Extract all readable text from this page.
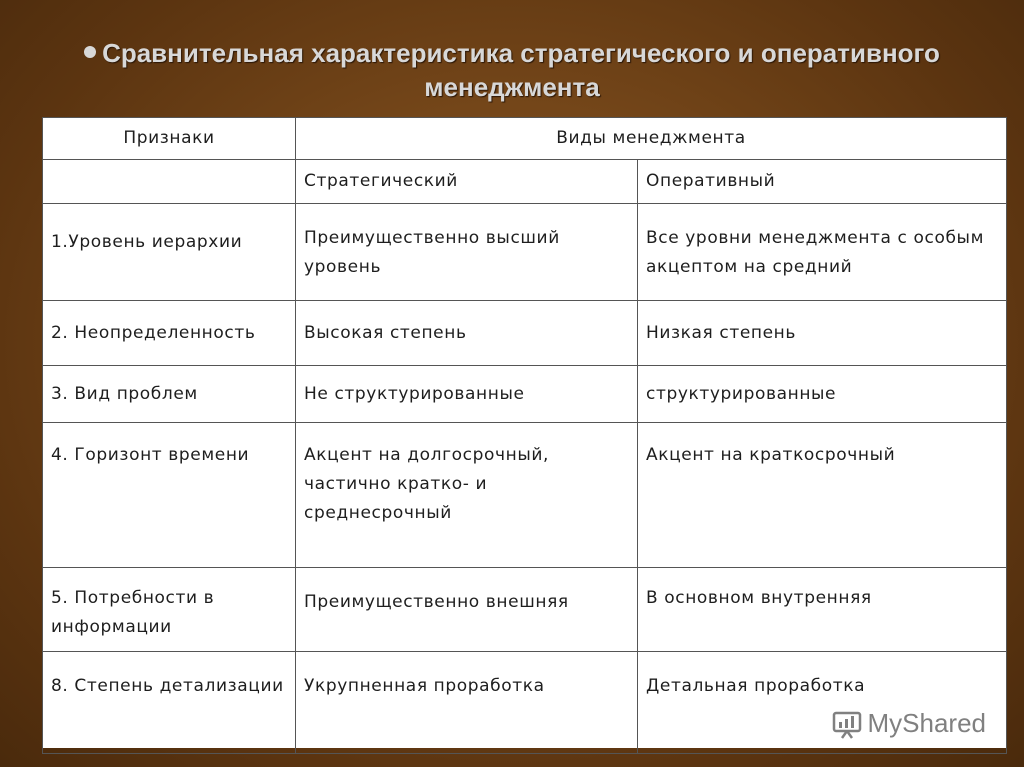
Сравнительная характеристика стратегического и оперативного
менеджмента
Признаки	Виды менеджмента	
	Стратегический	Оперативный
1.Уровень иерархии	Преимущественно высший уровень	Все уровни менеджмента с особым акцептом на средний
2. Неопределенность	Высокая степень	Низкая степень
3. Вид проблем	Не структурированные	структурированные
4. Горизонт времени	Акцент на долгосрочный, частично кратко- и среднесрочный	Акцент на краткосрочный
5. Потребности в информации	Преимущественно внешняя	В основном внутренняя
8. Степень детализации	Укрупненная проработка	Детальная проработка
MyShared
